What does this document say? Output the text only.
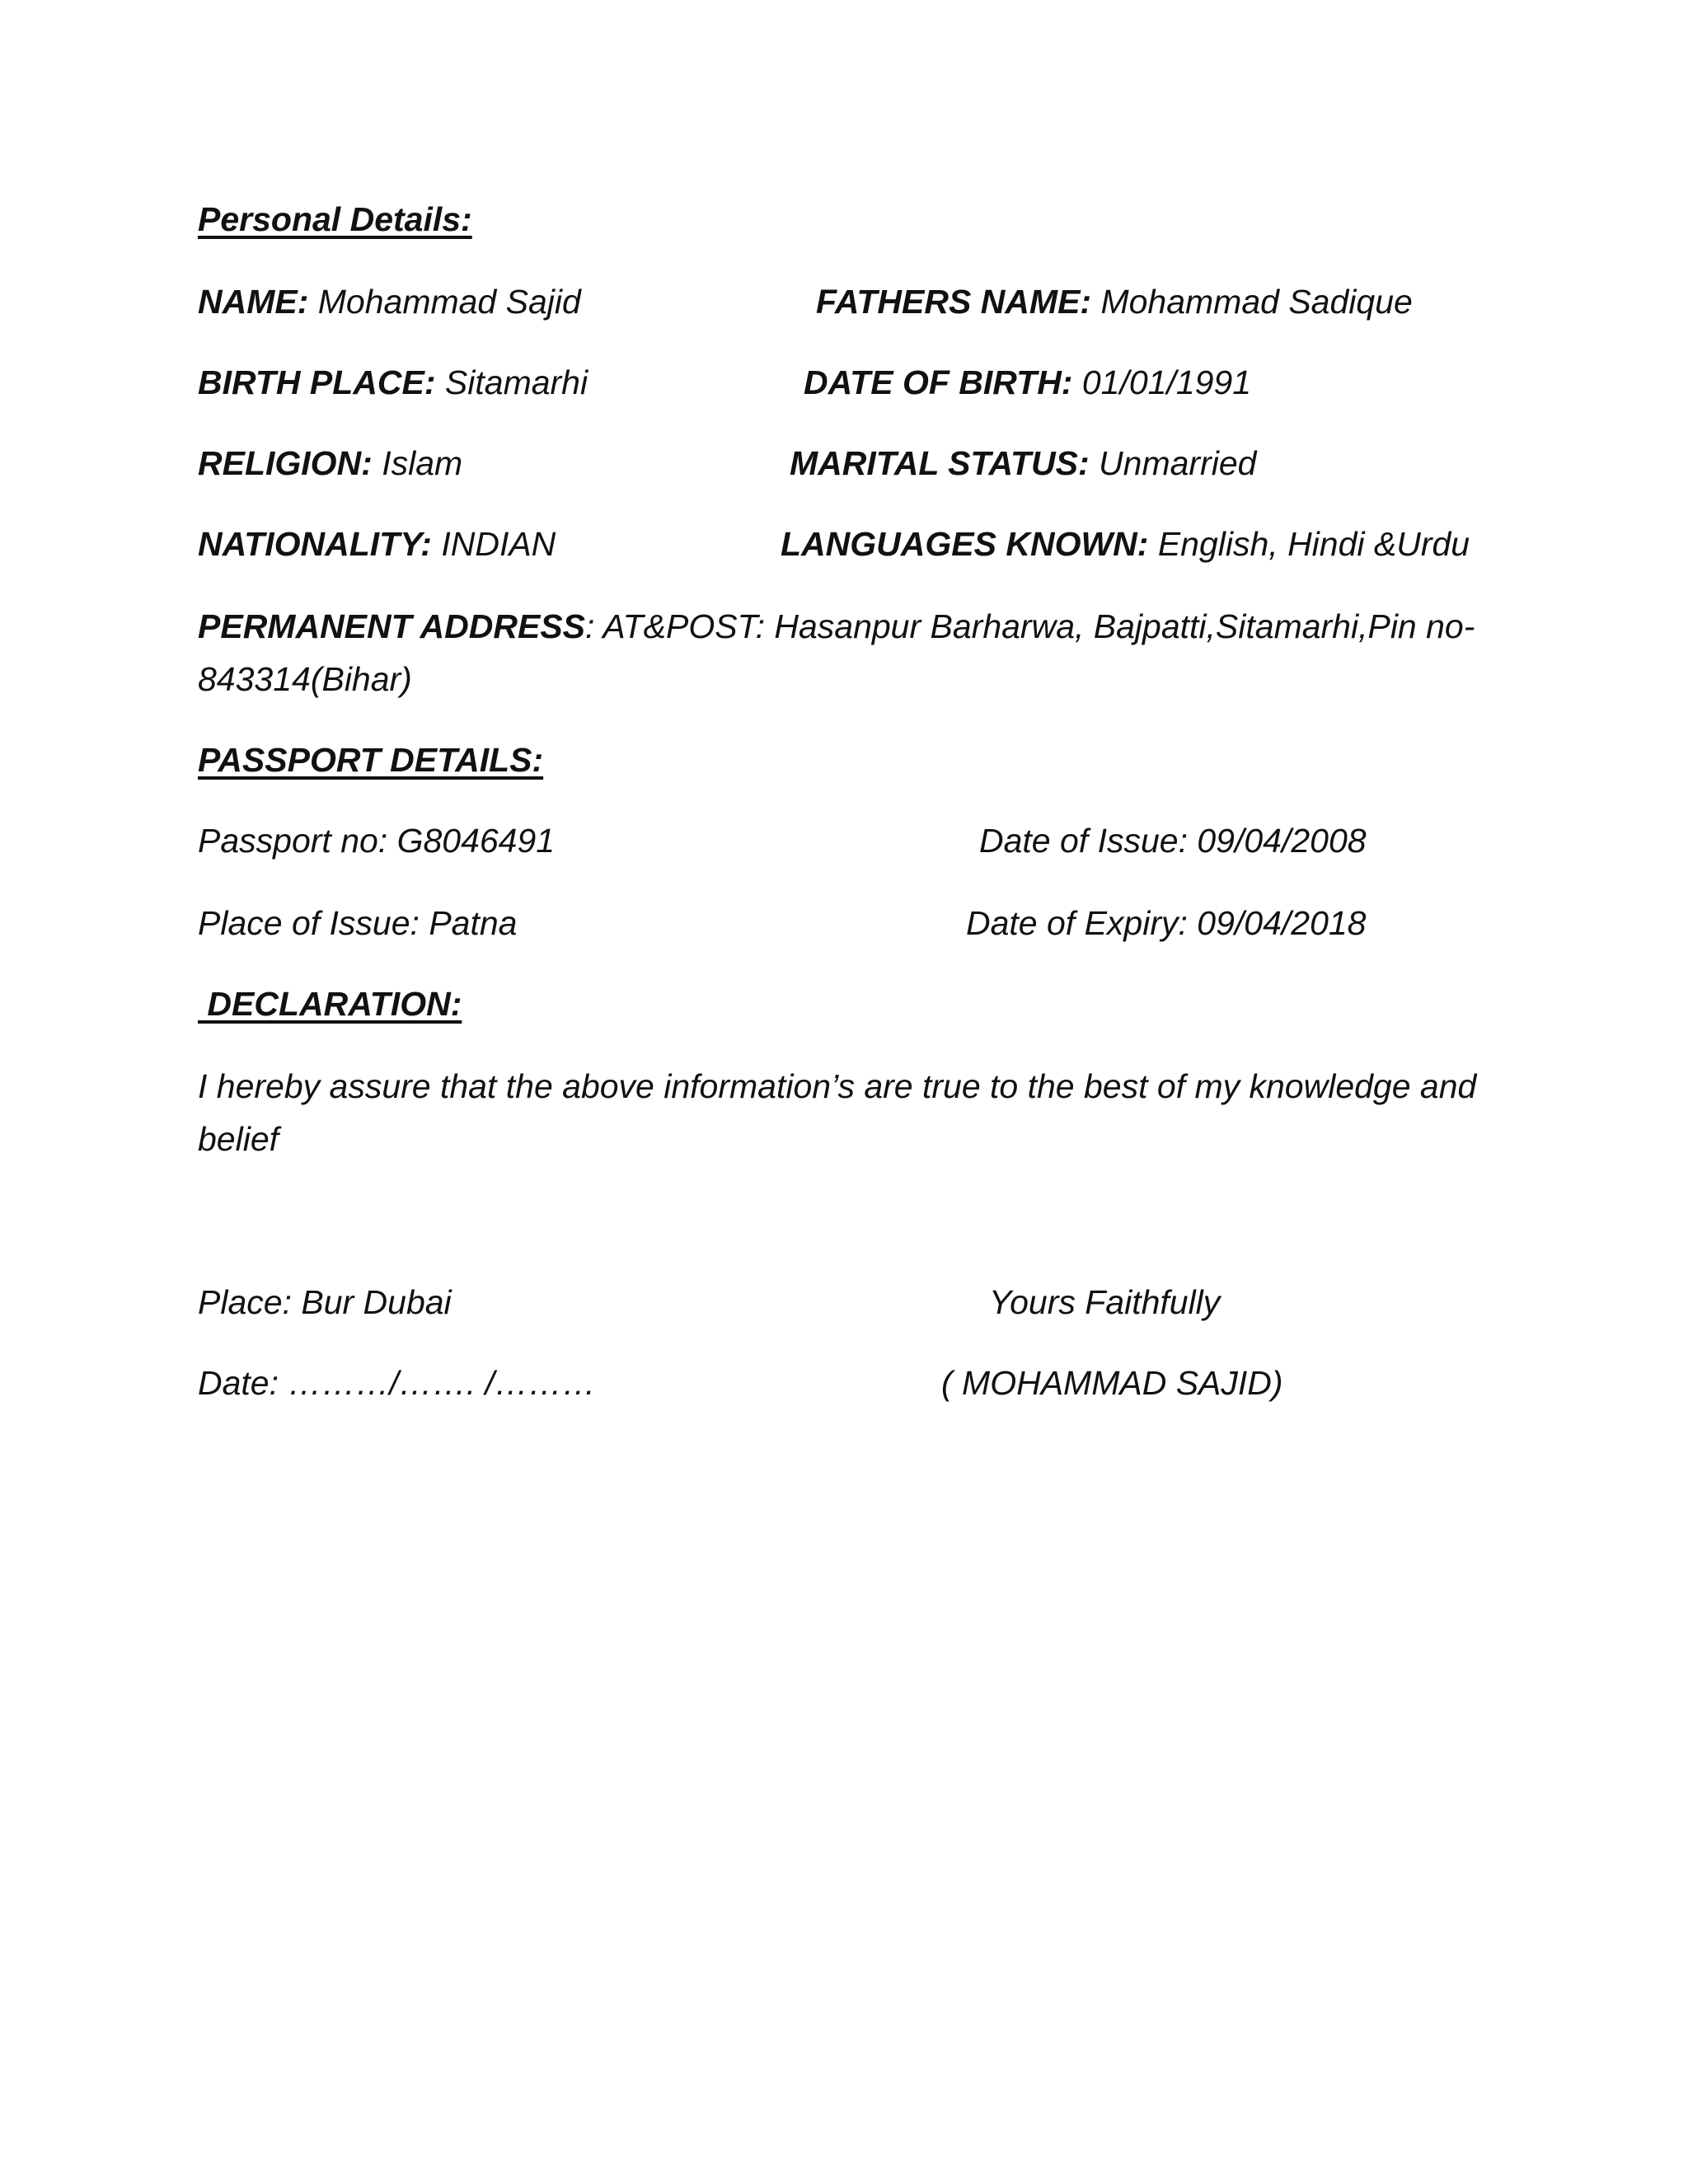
Personal Details:
NAME: Mohammad Sajid	FATHERS NAME: Mohammad Sadique
BIRTH PLACE: Sitamarhi	DATE OF BIRTH: 01/01/1991
RELIGION: Islam	MARITAL STATUS: Unmarried
NATIONALITY: INDIAN	LANGUAGES KNOWN: English, Hindi &Urdu
PERMANENT ADDRESS: AT&POST: Hasanpur Barharwa, Bajpatti,Sitamarhi,Pin no-843314(Bihar)
PASSPORT DETAILS:
Passport no: G8046491	Date of Issue: 09/04/2008
Place of Issue: Patna	Date of Expiry: 09/04/2018
DECLARATION:
I hereby assure that the above information’s are true to the best of my knowledge and belief
Place: Bur Dubai	Yours Faithfully
Date: ………/……. /………	( MOHAMMAD SAJID)
